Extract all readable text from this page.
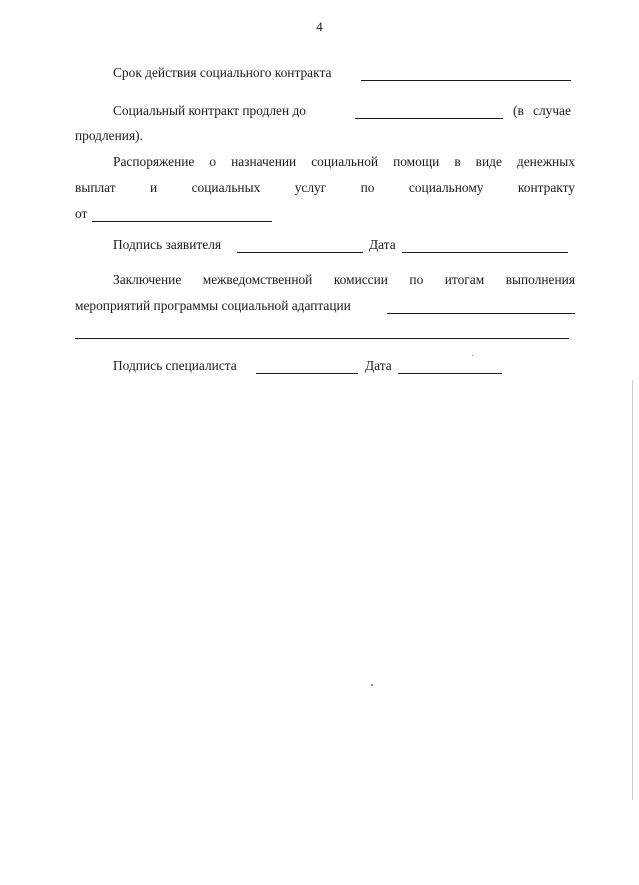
4
Срок действия социального контракта
Социальный контракт продлен до	(в случае
продления).
Распоряжение о назначении социальной помощи в виде денежных
выплат	и	социальных	услуг	по	социальному	контракту
от
Подпись заявителя	Дата
Заключение межведомственной комиссии по итогам выполнения
мероприятий программы социальной адаптации
Подпись специалиста	Дата
